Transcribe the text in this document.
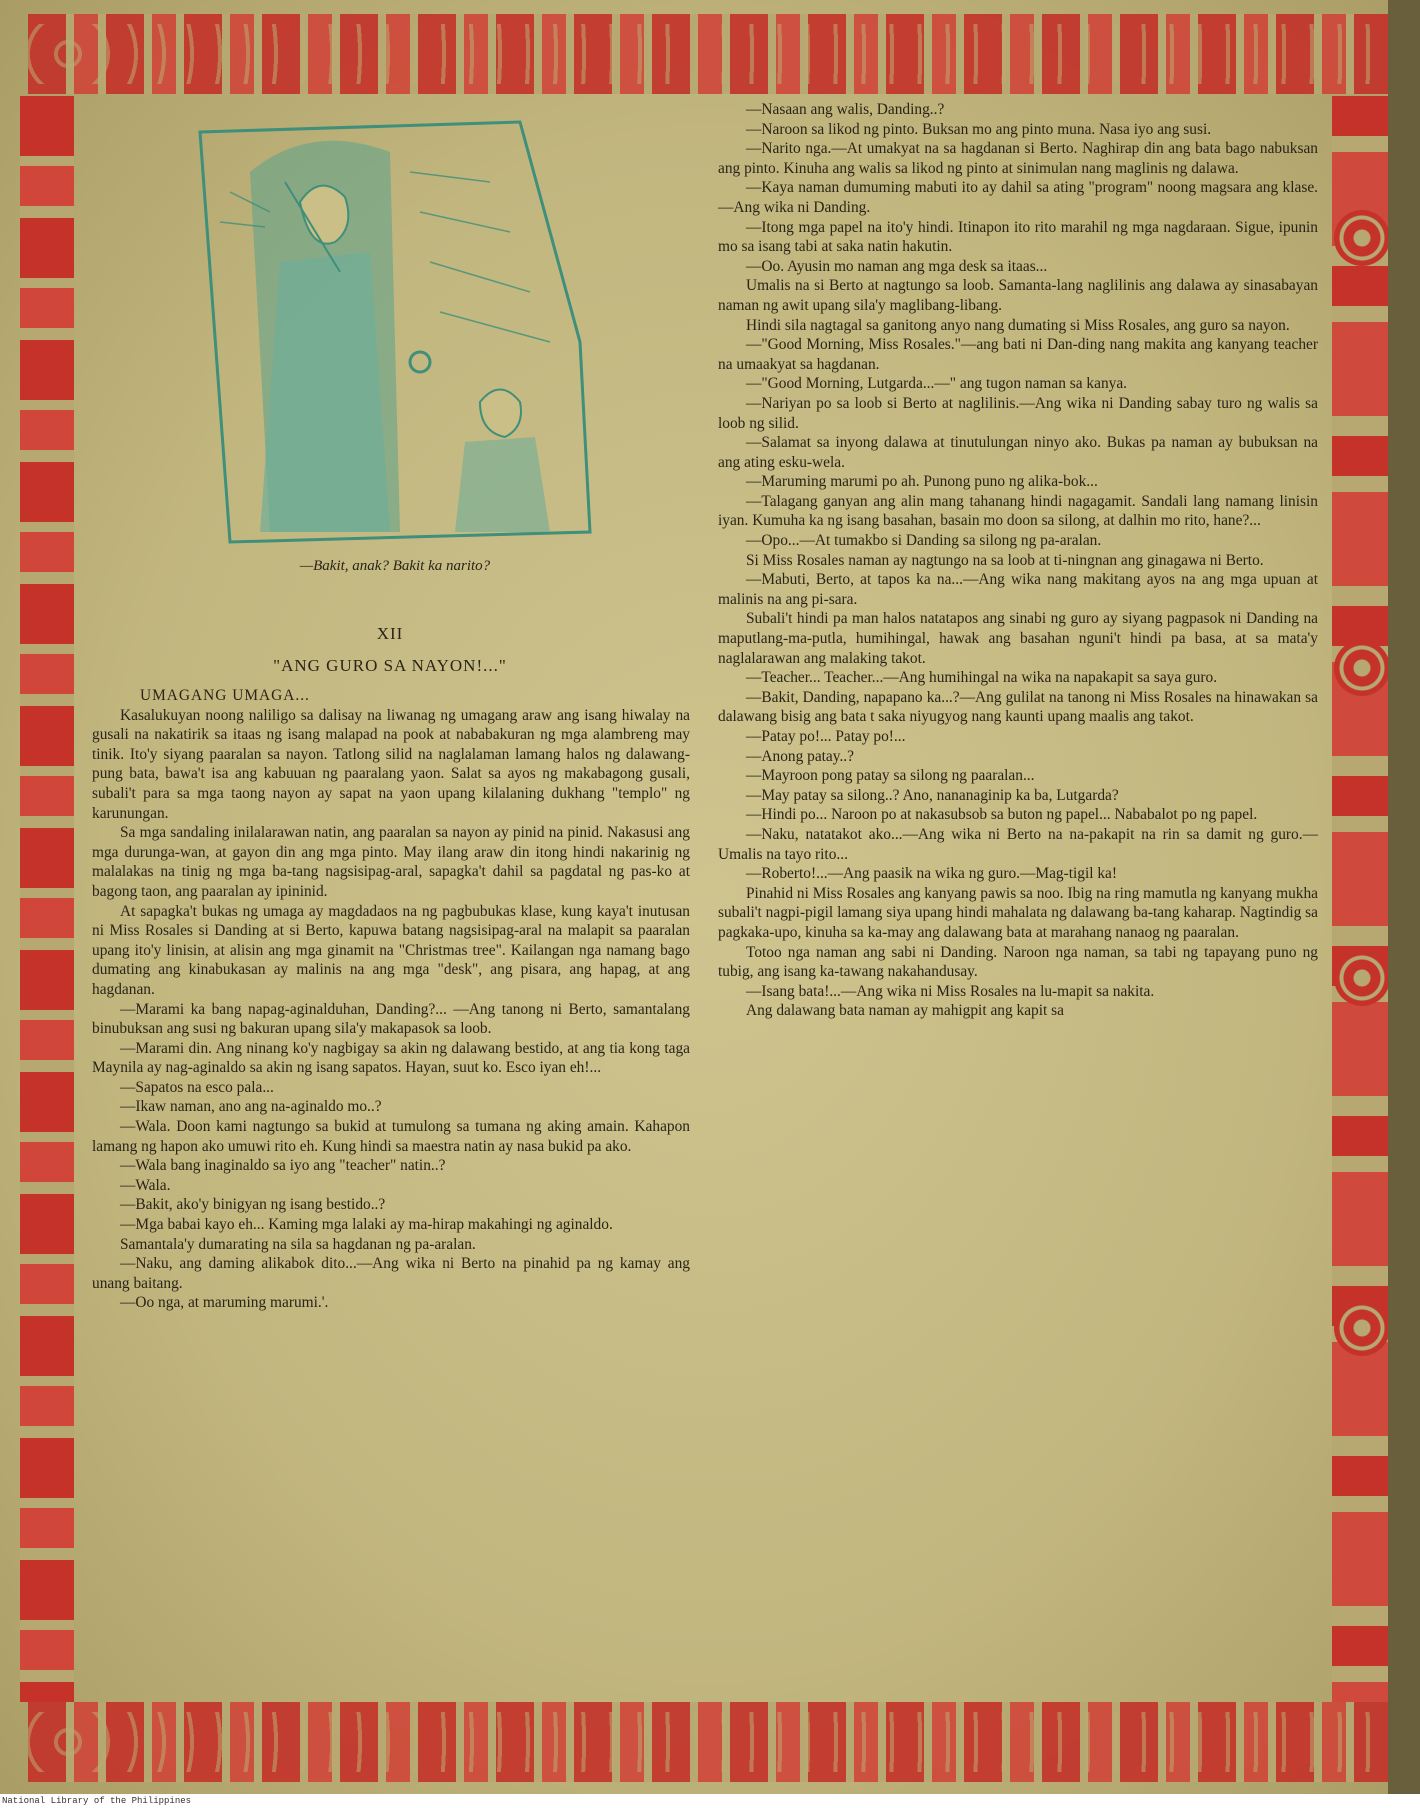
—Bakit, anak? Bakit ka narito?
XII
"ANG GURO SA NAYON!..."

UMAGANG UMAGA...

Kasalukuyan noong naliligo sa dalisay na liwanag ng umagang araw ang isang hiwalay na gusali na nakatirik sa itaas ng isang malapad na pook at nababakuran ng mga alambreng may tinik. Ito'y siyang paaralan sa nayon. Tatlong silid na naglalaman lamang halos ng dalawang-pung bata, bawa't isa ang kabuuan ng paaralang yaon. Salat sa ayos ng makabagong gusali, subali't para sa mga taong nayon ay sapat na yaon upang kilalaning dukhang "templo" ng karunungan.

Sa mga sandaling inilalarawan natin, ang paaralan sa nayon ay pinid na pinid. Nakasusi ang mga durunga-wan, at gayon din ang mga pinto. May ilang araw din itong hindi nakarinig ng malalakas na tinig ng mga ba-tang nagsisipag-aral, sapagka't dahil sa pagdatal ng pas-ko at bagong taon, ang paaralan ay ipininid.

At sapagka't bukas ng umaga ay magdadaos na ng pagbubukas klase, kung kaya't inutusan ni Miss Rosales si Danding at si Berto, kapuwa batang nagsisipag-aral na malapit sa paaralan upang ito'y linisin, at alisin ang mga ginamit na "Christmas tree". Kailangan nga namang bago dumating ang kinabukasan ay malinis na ang mga "desk", ang pisara, ang hapag, at ang hagdanan.

—Marami ka bang napag-aginalduhan, Danding?... —Ang tanong ni Berto, samantalang binubuksan ang susi ng bakuran upang sila'y makapasok sa loob.

—Marami din. Ang ninang ko'y nagbigay sa akin ng dalawang bestido, at ang tia kong taga Maynila ay nag-aginaldo sa akin ng isang sapatos. Hayan, suut ko. Esco iyan eh!...

—Sapatos na esco pala...

—Ikaw naman, ano ang na-aginaldo mo..?

—Wala. Doon kami nagtungo sa bukid at tumulong sa tumana ng aking amain. Kahapon lamang ng hapon ako umuwi rito eh. Kung hindi sa maestra natin ay nasa bukid pa ako.

—Wala bang inaginaldo sa iyo ang "teacher" natin..?

—Wala.

—Bakit, ako'y binigyan ng isang bestido..?

—Mga babai kayo eh... Kaming mga lalaki ay ma-hirap makahingi ng aginaldo.

Samantala'y dumarating na sila sa hagdanan ng pa-aralan.

—Naku, ang daming alikabok dito...—Ang wika ni Berto na pinahid pa ng kamay ang unang baitang.

—Oo nga, at maruming marumi.'.

—Nasaan ang walis, Danding..?

—Naroon sa likod ng pinto. Buksan mo ang pinto muna. Nasa iyo ang susi.

—Narito nga.—At umakyat na sa hagdanan si Berto. Naghirap din ang bata bago nabuksan ang pinto. Kinuha ang walis sa likod ng pinto at sinimulan nang maglinis ng dalawa.

—Kaya naman dumuming mabuti ito ay dahil sa ating "program" noong magsara ang klase.—Ang wika ni Danding.

—Itong mga papel na ito'y hindi. Itinapon ito rito marahil ng mga nagdaraan. Sigue, ipunin mo sa isang tabi at saka natin hakutin.

—Oo. Ayusin mo naman ang mga desk sa itaas...

Umalis na si Berto at nagtungo sa loob. Samanta-lang naglilinis ang dalawa ay sinasabayan naman ng awit upang sila'y maglibang-libang.

Hindi sila nagtagal sa ganitong anyo nang dumating si Miss Rosales, ang guro sa nayon.

—"Good Morning, Miss Rosales."—ang bati ni Dan-ding nang makita ang kanyang teacher na umaakyat sa hagdanan.

—"Good Morning, Lutgarda...—" ang tugon naman sa kanya.

—Nariyan po sa loob si Berto at naglilinis.—Ang wika ni Danding sabay turo ng walis sa loob ng silid.

—Salamat sa inyong dalawa at tinutulungan ninyo ako. Bukas pa naman ay bubuksan na ang ating esku-wela.

—Maruming marumi po ah. Punong puno ng alika-bok...

—Talagang ganyan ang alin mang tahanang hindi nagagamit. Sandali lang namang linisin iyan. Kumuha ka ng isang basahan, basain mo doon sa silong, at dalhin mo rito, hane?...

—Opo...—At tumakbo si Danding sa silong ng pa-aralan.

Si Miss Rosales naman ay nagtungo na sa loob at ti-ningnan ang ginagawa ni Berto.

—Mabuti, Berto, at tapos ka na...—Ang wika nang makitang ayos na ang mga upuan at malinis na ang pi-sara.

Subali't hindi pa man halos natatapos ang sinabi ng guro ay siyang pagpasok ni Danding na maputlang-ma-putla, humihingal, hawak ang basahan nguni't hindi pa basa, at sa mata'y naglalarawan ang malaking takot.

—Teacher... Teacher...—Ang humihingal na wika na napakapit sa saya guro.

—Bakit, Danding, napapano ka...?—Ang gulilat na tanong ni Miss Rosales na hinawakan sa dalawang bisig ang bata t saka niyugyog nang kaunti upang maalis ang takot.

—Patay po!... Patay po!...

—Anong patay..?

—Mayroon pong patay sa silong ng paaralan...

—May patay sa silong..? Ano, nananaginip ka ba, Lutgarda?

—Hindi po... Naroon po at nakasubsob sa buton ng papel... Nababalot po ng papel.

—Naku, natatakot ako...—Ang wika ni Berto na na-pakapit na rin sa damit ng guro.—Umalis na tayo rito...

—Roberto!...—Ang paasik na wika ng guro.—Mag-tigil ka!

Pinahid ni Miss Rosales ang kanyang pawis sa noo. Ibig na ring mamutla ng kanyang mukha subali't nagpi-pigil lamang siya upang hindi mahalata ng dalawang ba-tang kaharap. Nagtindig sa pagkaka-upo, kinuha sa ka-may ang dalawang bata at marahang nanaog ng paaralan.

Totoo nga naman ang sabi ni Danding. Naroon nga naman, sa tabi ng tapayang puno ng tubig, ang isang ka-tawang nakahandusay.

—Isang bata!...—Ang wika ni Miss Rosales na lu-mapit sa nakita.

Ang dalawang bata naman ay mahigpit ang kapit sa

National Library of the Philippines
